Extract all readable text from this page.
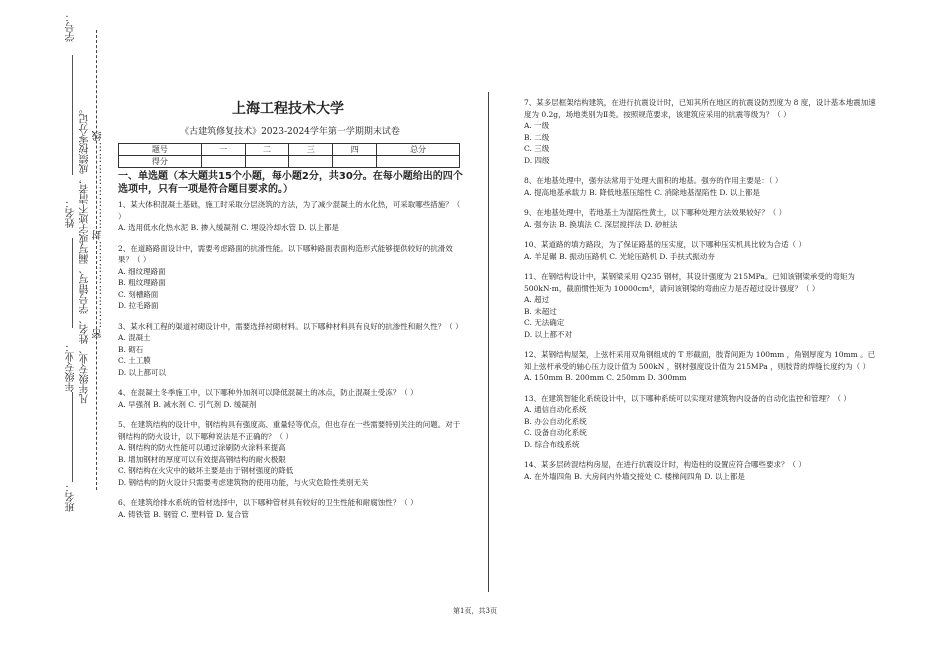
学号：
姓名：
年级专业：
班名：
凡年级专业、姓名、学号错写、漏写或字迹不清者，成绩按零分记。 密……………………封……………………线
上海工程技术大学
《古建筑修复技术》2023-2024学年第一学期期末试卷
题号	一	二	三	四	总分
得分					
一、单选题（本大题共15个小题，每小题2分，共30分。在每小题给出的四个选项中，只有一项是符合题目要求的。）
1、某大体积混凝土基础，施工时采取分层浇筑的方法，为了减少混凝土的水化热，可采取哪些措施？（ ）
A. 选用低水化热水泥 B. 掺入缓凝剂 C. 埋设冷却水管 D. 以上都是
2、在道路路面设计中，需要考虑路面的抗滑性能。以下哪种路面表面构造形式能够提供较好的抗滑效果？（ ）
A. 细纹理路面
B. 粗纹理路面
C. 刻槽路面
D. 拉毛路面
3、某水利工程的渠道衬砌设计中，需要选择衬砌材料。以下哪种材料具有良好的抗渗性和耐久性？（ ）
A. 混凝土
B. 砌石
C. 土工膜
D. 以上都可以
4、在混凝土冬季施工中，以下哪种外加剂可以降低混凝土的冰点，防止混凝土受冻？（ ）
A. 早强剂 B. 减水剂 C. 引气剂 D. 缓凝剂
5、在建筑结构的设计中，钢结构具有强度高、重量轻等优点，但也存在一些需要特别关注的问题。对于钢结构的防火设计，以下哪种说法是不正确的？（ ）
A. 钢结构的防火性能可以通过涂刷防火涂料来提高
B. 增加钢材的厚度可以有效提高钢结构的耐火极限
C. 钢结构在火灾中的破坏主要是由于钢材强度的降低
D. 钢结构的防火设计只需要考虑建筑物的使用功能，与火灾危险性类别无关
6、在建筑给排水系统的管材选择中，以下哪种管材具有较好的卫生性能和耐腐蚀性？（ ）
A. 铸铁管 B. 钢管 C. 塑料管 D. 复合管
7、某多层框架结构建筑，在进行抗震设计时，已知其所在地区的抗震设防烈度为 8 度，设计基本地震加速度为 0.2g，场地类别为Ⅱ类。按照规范要求，该建筑应采用的抗震等级为？（ ）
A. 一级
B. 二级
C. 三级
D. 四级
8、在地基处理中，强夯法常用于处理大面积的地基。强夯的作用主要是：（ ）
A. 提高地基承载力 B. 降低地基压缩性 C. 消除地基湿陷性 D. 以上都是
9、在地基处理中，若地基土为湿陷性黄土，以下哪种处理方法效果较好？（ ）
A. 强夯法 B. 换填法 C. 深层搅拌法 D. 砂桩法
10、某道路的填方路段，为了保证路基的压实度，以下哪种压实机具比较为合适（ ）
A. 羊足碾 B. 振动压路机 C. 光轮压路机 D. 手扶式振动夯
11、在钢结构设计中，某钢梁采用 Q235 钢材，其设计强度为 215MPa。已知该钢梁承受的弯矩为 500kN·m，截面惯性矩为 10000cm⁴，请问该钢梁的弯曲应力是否超过设计强度？（ ）
A. 超过
B. 未超过
C. 无法确定
D. 以上都不对
12、某钢结构屋架，上弦杆采用双角钢组成的 T 形截面，肢背间距为 100mm ，角钢厚度为 10mm 。已知上弦杆承受的轴心压力设计值为 500kN ，钢材强度设计值为 215MPa ，则肢背的焊缝长度约为（ ）
A. 150mm B. 200mm C. 250mm D. 300mm
13、在建筑智能化系统设计中，以下哪种系统可以实现对建筑物内设备的自动化监控和管理？（ ）
A. 通信自动化系统
B. 办公自动化系统
C. 设备自动化系统
D. 综合布线系统
14、某多层砖混结构房屋，在进行抗震设计时，构造柱的设置应符合哪些要求？（ ）
A. 在外墙四角 B. 大房间内外墙交接处 C. 楼梯间四角 D. 以上都是
第1页，共3页
